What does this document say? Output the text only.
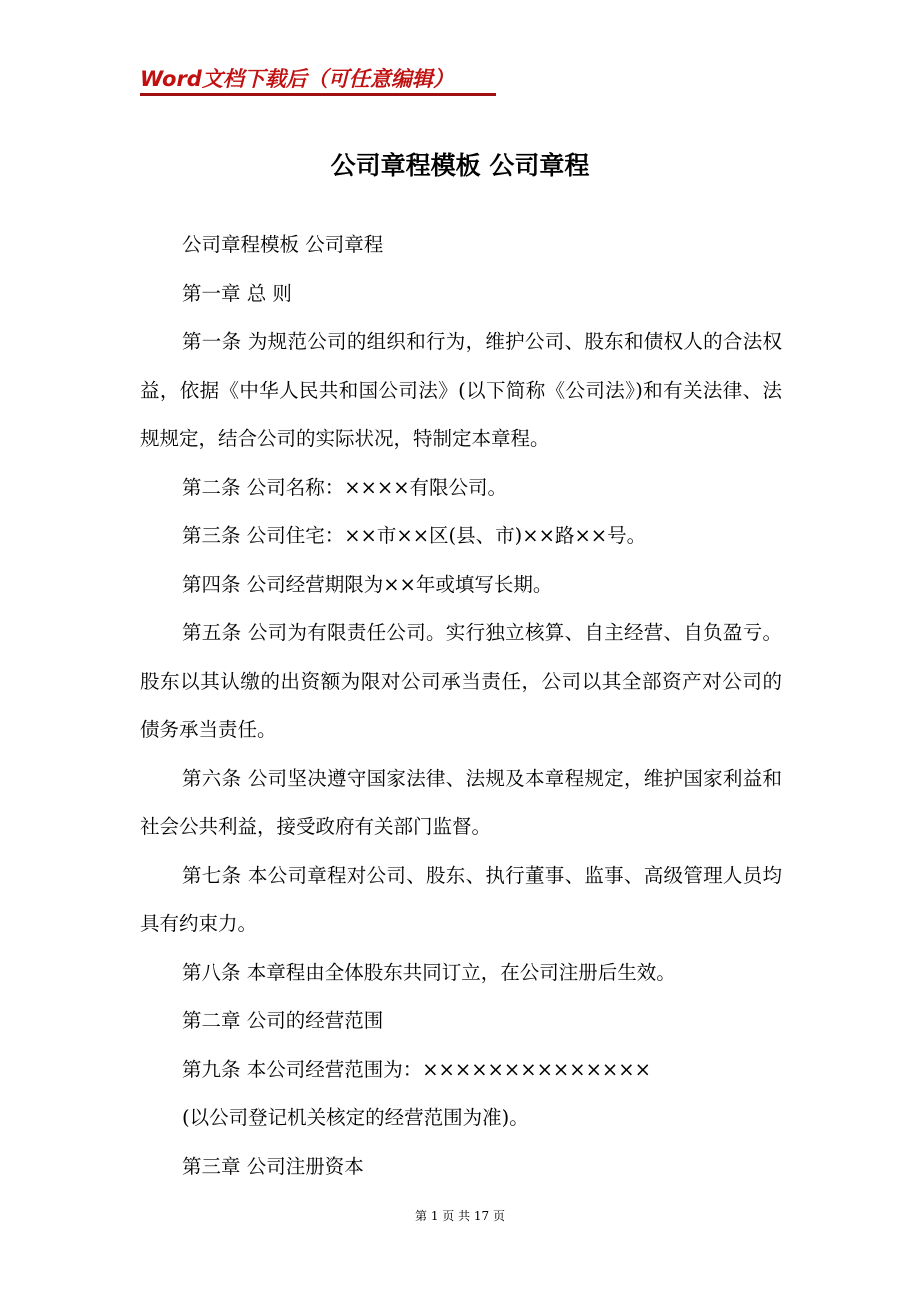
Word文档下载后（可任意编辑）
公司章程模板 公司章程

公司章程模板 公司章程

第一章 总 则

第一条 为规范公司的组织和行为，维护公司、股东和债权人的合法权益，依据《中华人民共和国公司法》(以下简称《公司法》)和有关法律、法规规定，结合公司的实际状况，特制定本章程。

第二条 公司名称：××××有限公司。

第三条 公司住宅：××市××区(县、市)××路××号。

第四条 公司经营期限为××年或填写长期。

第五条 公司为有限责任公司。实行独立核算、自主经营、自负盈亏。股东以其认缴的出资额为限对公司承当责任，公司以其全部资产对公司的债务承当责任。

第六条 公司坚决遵守国家法律、法规及本章程规定，维护国家利益和社会公共利益，接受政府有关部门监督。

第七条 本公司章程对公司、股东、执行董事、监事、高级管理人员均具有约束力。

第八条 本章程由全体股东共同订立，在公司注册后生效。

第二章 公司的经营范围

第九条 本公司经营范围为：××××××××××××××

(以公司登记机关核定的经营范围为准)。

第三章 公司注册资本

第 1 页 共 17 页
